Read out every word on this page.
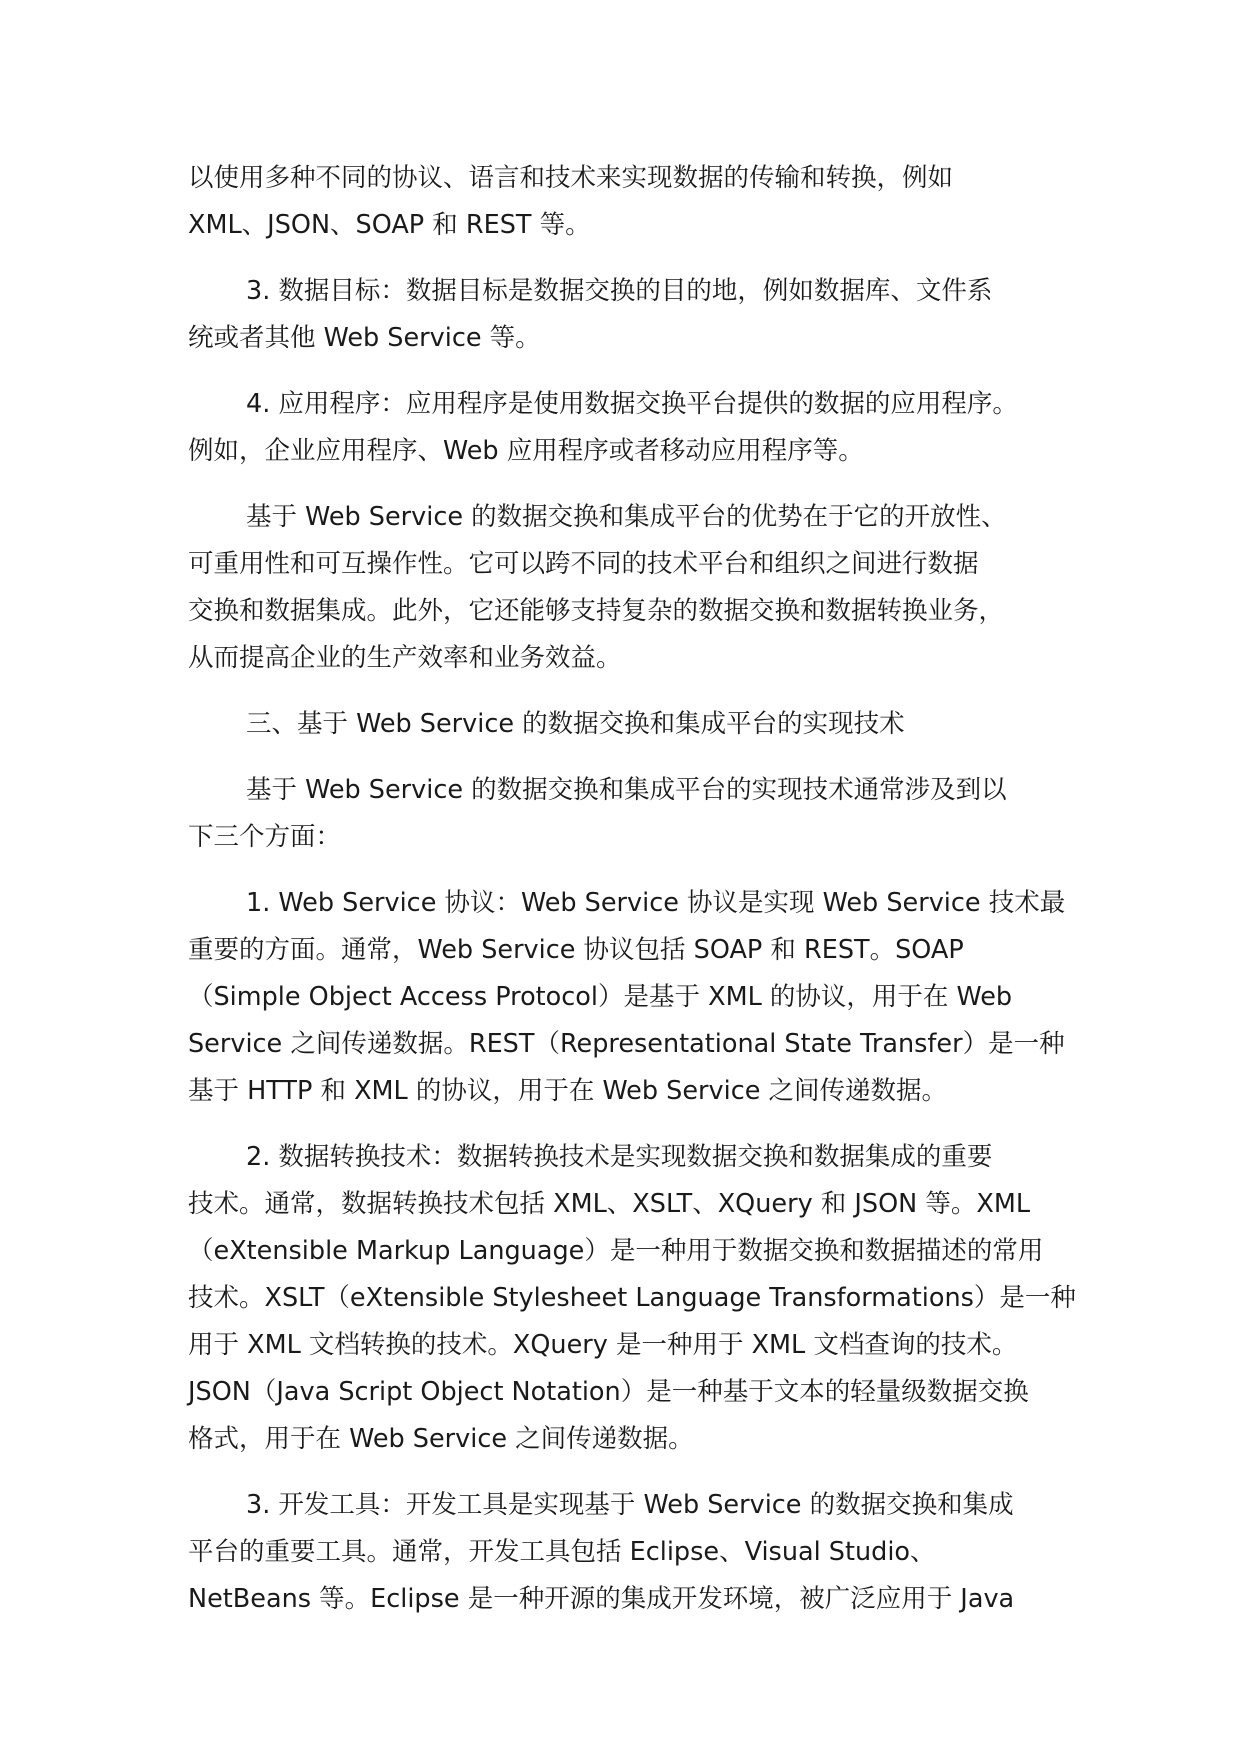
以使用多种不同的协议、语言和技术来实现数据的传输和转换，例如
XML、JSON、SOAP 和 REST 等。
3. 数据目标：数据目标是数据交换的目的地，例如数据库、文件系
统或者其他 Web Service 等。
4. 应用程序：应用程序是使用数据交换平台提供的数据的应用程序。
例如，企业应用程序、Web 应用程序或者移动应用程序等。
基于 Web Service 的数据交换和集成平台的优势在于它的开放性、
可重用性和可互操作性。它可以跨不同的技术平台和组织之间进行数据
交换和数据集成。此外，它还能够支持复杂的数据交换和数据转换业务，
从而提高企业的生产效率和业务效益。
三、基于 Web Service 的数据交换和集成平台的实现技术
基于 Web Service 的数据交换和集成平台的实现技术通常涉及到以
下三个方面：
1. Web Service 协议：Web Service 协议是实现 Web Service 技术最
重要的方面。通常，Web Service 协议包括 SOAP 和 REST。SOAP
（Simple Object Access Protocol）是基于 XML 的协议，用于在 Web
Service 之间传递数据。REST（Representational State Transfer）是一种
基于 HTTP 和 XML 的协议，用于在 Web Service 之间传递数据。
2. 数据转换技术：数据转换技术是实现数据交换和数据集成的重要
技术。通常，数据转换技术包括 XML、XSLT、XQuery 和 JSON 等。XML
（eXtensible Markup Language）是一种用于数据交换和数据描述的常用
技术。XSLT（eXtensible Stylesheet Language Transformations）是一种
用于 XML 文档转换的技术。XQuery 是一种用于 XML 文档查询的技术。
JSON（Java Script Object Notation）是一种基于文本的轻量级数据交换
格式，用于在 Web Service 之间传递数据。
3. 开发工具：开发工具是实现基于 Web Service 的数据交换和集成
平台的重要工具。通常，开发工具包括 Eclipse、Visual Studio、
NetBeans 等。Eclipse 是一种开源的集成开发环境，被广泛应用于 Java
